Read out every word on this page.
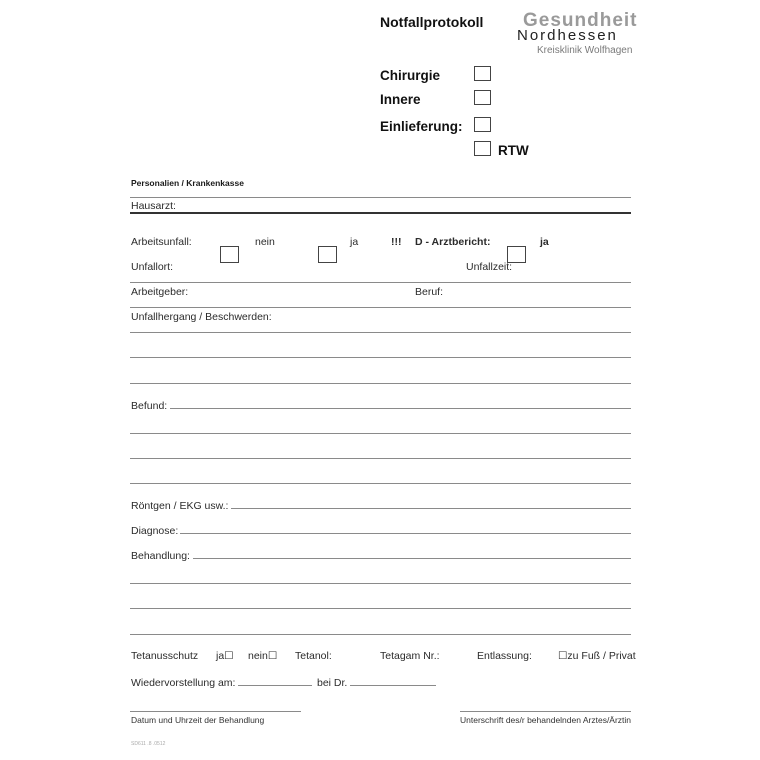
Notfallprotokoll Gesundheit
Nordhessen
Kreisklinik Wolfhagen
Chirurgie
Innere
Einlieferung:
RTW
Personalien / Krankenkasse
Hausarzt:
Arbeitsunfall:	nein	ja	!!! D - Arztbericht:	ja
Unfallort:	Unfallzeit:
Arbeitgeber:	Beruf:
Unfallhergang / Beschwerden:
Befund:
Röntgen / EKG usw.:
Diagnose:
Behandlung:
Tetanusschutz ja☐ nein☐ Tetanol:	Tetagam Nr.:	Entlassung: ☐zu Fuß / Privat
Wiedervorstellung am:	bei Dr.
Datum und Uhrzeit der Behandlung	Unterschrift des/r behandelnden Arztes/Ärztin
SD611 .8 .0512
